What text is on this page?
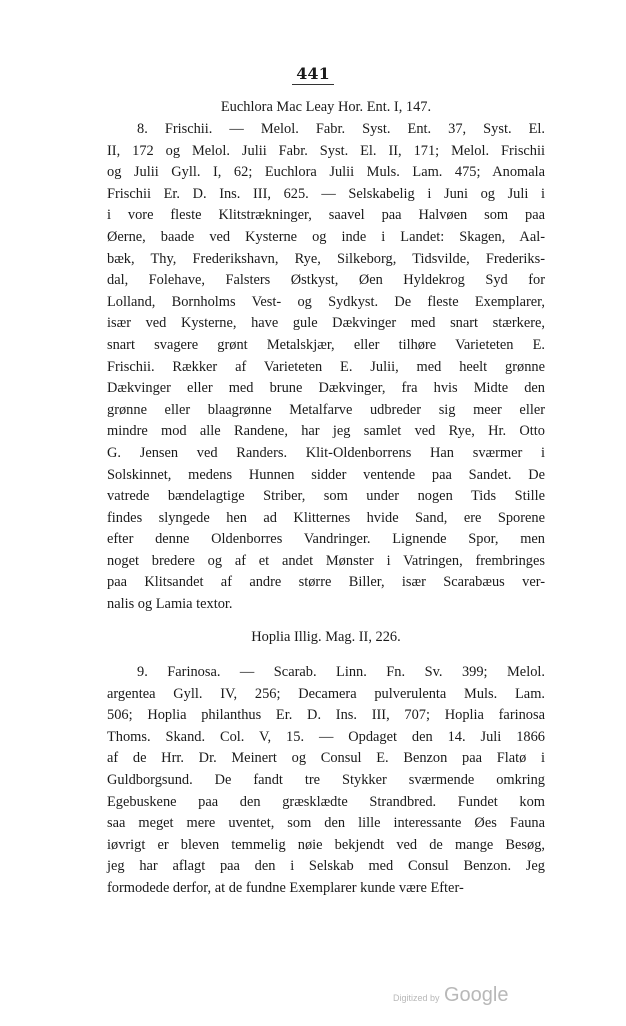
441
Euchlora Mac Leay Hor. Ent. I, 147.
8. Frischii. — Melol. Fabr. Syst. Ent. 37, Syst. El.
II, 172 og Melol. Julii Fabr. Syst. El. II, 171; Melol. Frischii
og Julii Gyll. I, 62; Euchlora Julii Muls. Lam. 475; Anomala
Frischii Er. D. Ins. III, 625. — Selskabelig i Juni og Juli i
i vore fleste Klitstrækninger, saavel paa Halvøen som paa
Øerne, baade ved Kysterne og inde i Landet: Skagen, Aal-
bæk, Thy, Frederikshavn, Rye, Silkeborg, Tidsvilde, Frederiks-
dal, Folehave, Falsters Østkyst, Øen Hyldekrog Syd for
Lolland, Bornholms Vest- og Sydkyst. De fleste Exemplarer,
især ved Kysterne, have gule Dækvinger med snart stærkere,
snart svagere grønt Metalskjær, eller tilhøre Varieteten E.
Frischii. Rækker af Varieteten E. Julii, med heelt grønne
Dækvinger eller med brune Dækvinger, fra hvis Midte den
grønne eller blaagrønne Metalfarve udbreder sig meer eller
mindre mod alle Randene, har jeg samlet ved Rye, Hr. Otto
G. Jensen ved Randers. Klit-Oldenborrens Han sværmer i
Solskinnet, medens Hunnen sidder ventende paa Sandet. De
vatrede bændelagtige Striber, som under nogen Tids Stille
findes slyngede hen ad Klitternes hvide Sand, ere Sporene
efter denne Oldenborres Vandringer. Lignende Spor, men
noget bredere og af et andet Mønster i Vatringen, frembringes
paa Klitsandet af andre større Biller, især Scarabæus ver-
nalis og Lamia textor.
Hoplia Illig. Mag. II, 226.
9. Farinosa. — Scarab. Linn. Fn. Sv. 399; Melol.
argentea Gyll. IV, 256; Decamera pulverulenta Muls. Lam.
506; Hoplia philanthus Er. D. Ins. III, 707; Hoplia farinosa
Thoms. Skand. Col. V, 15. — Opdaget den 14. Juli 1866
af de Hrr. Dr. Meinert og Consul E. Benzon paa Flatø i
Guldborgsund. De fandt tre Stykker sværmende omkring
Egebuskene paa den græsklædte Strandbred. Fundet kom
saa meget mere uventet, som den lille interessante Øes Fauna
iøvrigt er bleven temmelig nøie bekjendt ved de mange Besøg,
jeg har aflagt paa den i Selskab med Consul Benzon. Jeg
formodede derfor, at de fundne Exemplarer kunde være Efter-
Digitized by Google
